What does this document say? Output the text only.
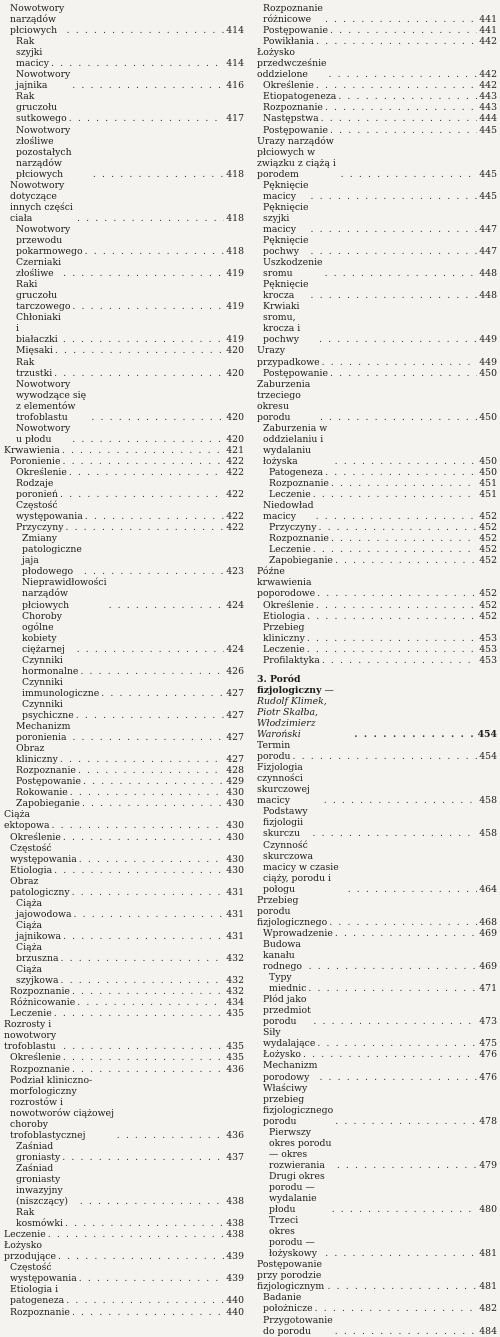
Nowotwory narządów płciowych . . .	414
Rak szyjki macicy . . .	414
Nowotwory jajnika . . .	416
Rak gruczołu sutkowego . . .	417
Nowotwory złośliwe pozostałych narządów płciowych . . .	418
Nowotwory dotyczące innych części ciała . . .	418
Nowotwory przewodu pokarmowego . . .	418
Czerniaki złośliwe . . .	419
Raki gruczołu tarczowego . . .	419
Chłoniaki i białaczki . . .	419
Mięsaki . . .	420
Rak trzustki . . .	420
Nowotwory wywodzące się z elementów trofoblastu . . .	420
Nowotwory u płodu . . .	420
Krwawienia . . .	421
Poronienie . . .	422
Określenie . . .	422
Rodzaje poronień . . .	422
Częstość występowania . . .	422
Przyczyny . . .	422
Zmiany patologiczne jaja płodowego . . .	423
Nieprawidłowości narządów płciowych . . .	424
Choroby ogólne kobiety ciężarnej . . .	424
Czynniki hormonalne . . .	426
Czynniki immunologiczne . . .	427
Czynniki psychiczne . . .	427
Mechanizm poronienia . . .	427
Obraz kliniczny . . .	427
Rozpoznanie . . .	428
Postępowanie . . .	429
Rokowanie . . .	430
Zapobieganie . . .	430
Ciąża ektopowa . . .	430
Określenie . . .	430
Częstość występowania . . .	430
Etiologia . . .	430
Obraz patologiczny . . .	431
Ciąża jajowodowa . . .	431
Ciąża jajnikowa . . .	431
Ciąża brzuszna . . .	432
Ciąża szyjkowa . . .	432
Rozpoznanie . . .	432
Różnicowanie . . .	434
Leczenie . . .	435
Rozrosty i nowotwory trofoblastu . . .	435
Określenie . . .	435
Rozpoznanie . . .	436
Podział kliniczno-morfologiczny rozrostów i nowotworów ciążowej choroby trofoblastycznej . . .	436
Zaśniad groniasty . . .	437
Zaśniad groniasty inwazyjny (niszczący) . . .	438
Rak kosmówki . . .	438
Leczenie . . .	438
Łożysko przodujące . . .	439
Częstość występowania . . .	439
Etiologia i patogeneza . . .	440
Rozpoznanie . . .	440
Rozpoznanie różnicowe . . .	441
Postępowanie . . .	441
Powikłania . . .	442
Łożysko przedwcześnie oddzielone . . .	442
Określenie . . .	442
Etiopatogeneza . . .	443
Rozpoznanie . . .	443
Następstwa . . .	444
Postępowanie . . .	445
Urazy narządów płciowych w związku z ciążą i porodem . . .	445
Pęknięcie macicy . . .	445
Pęknięcie szyjki macicy . . .	447
Pęknięcie pochwy . . .	447
Uszkodzenie sromu . . .	448
Pęknięcie krocza . . .	448
Krwiaki sromu, krocza i pochwy . . .	449
Urazy przypadkowe . . .	449
Postępowanie . . .	450
Zaburzenia trzeciego okresu porodu . . .	450
Zaburzenia w oddzielaniu i wydalaniu łożyska . . .	450
Patogeneza . . .	450
Rozpoznanie . . .	451
Leczenie . . .	451
Niedowład macicy . . .	452
Przyczyny . . .	452
Rozpoznanie . . .	452
Leczenie . . .	452
Zapobieganie . . .	452
Późne krwawienia poporodowe . . .	452
Określenie . . .	452
Etiologia . . .	452
Przebieg kliniczny . . .	453
Leczenie . . .	453
Profilaktyka . . .	453
3. Poród fizjologiczny — Rudolf Klimek, Piotr Skałba, Włodzimierz Waroński . . .	454
Termin porodu . . .	454
Fizjologia czynności skurczowej macicy . . .	458
Podstawy fizjologii skurczu . . .	458
Czynność skurczowa macicy w czasie ciąży, porodu i połogu . . .	464
Przebieg porodu fizjologicznego . . .	468
Wprowadzenie . . .	469
Budowa kanału rodnego . . .	469
Typy miednic . . .	471
Płód jako przedmiot porodu . . .	473
Siły wydalające . . .	475
Łożysko . . .	476
Mechanizm porodowy . . .	476
Właściwy przebieg fizjologicznego porodu . . .	478
Pierwszy okres porodu — okres rozwierania . . .	479
Drugi okres porodu — wydalanie płodu . . .	480
Trzeci okres porodu — łożyskowy . . .	481
Postępowanie przy porodzie fizjologicznym . . .	481
Badanie położnicze . . .	482
Przygotowanie do porodu . . .	484
